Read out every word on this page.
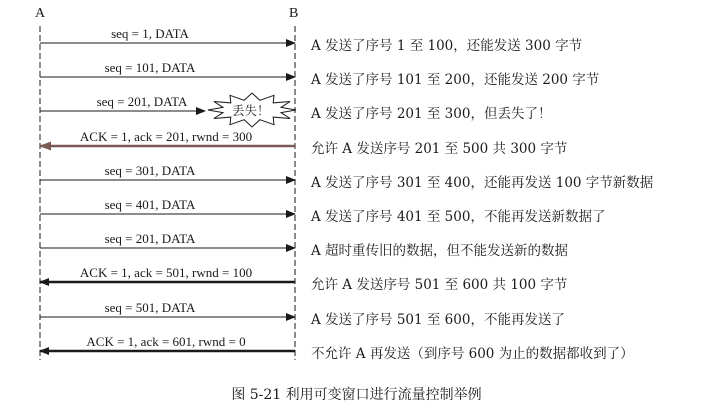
A	B
seq = 1, DATA
A 发送了序号 1 至 100，还能发送 300 字节
seq = 101, DATA
A 发送了序号 101 至 200，还能发送 200 字节
丢失！
seq = 201, DATA
A 发送了序号 201 至 300，但丢失了！
ACK = 1, ack = 201, rwnd = 300
允许 A 发送序号 201 至 500 共 300 字节
seq = 301, DATA
A 发送了序号 301 至 400，还能再发送 100 字节新数据
seq = 401, DATA
A 发送了序号 401 至 500，不能再发送新数据了
seq = 201, DATA
A 超时重传旧的数据，但不能发送新的数据
ACK = 1, ack = 501, rwnd = 100
允许 A 发送序号 501 至 600 共 100 字节
seq = 501, DATA
A 发送了序号 501 至 600，不能再发送了
ACK = 1, ack = 601, rwnd = 0
不允许 A 再发送（到序号 600 为止的数据都收到了）
图 5-21 利用可变窗口进行流量控制举例
